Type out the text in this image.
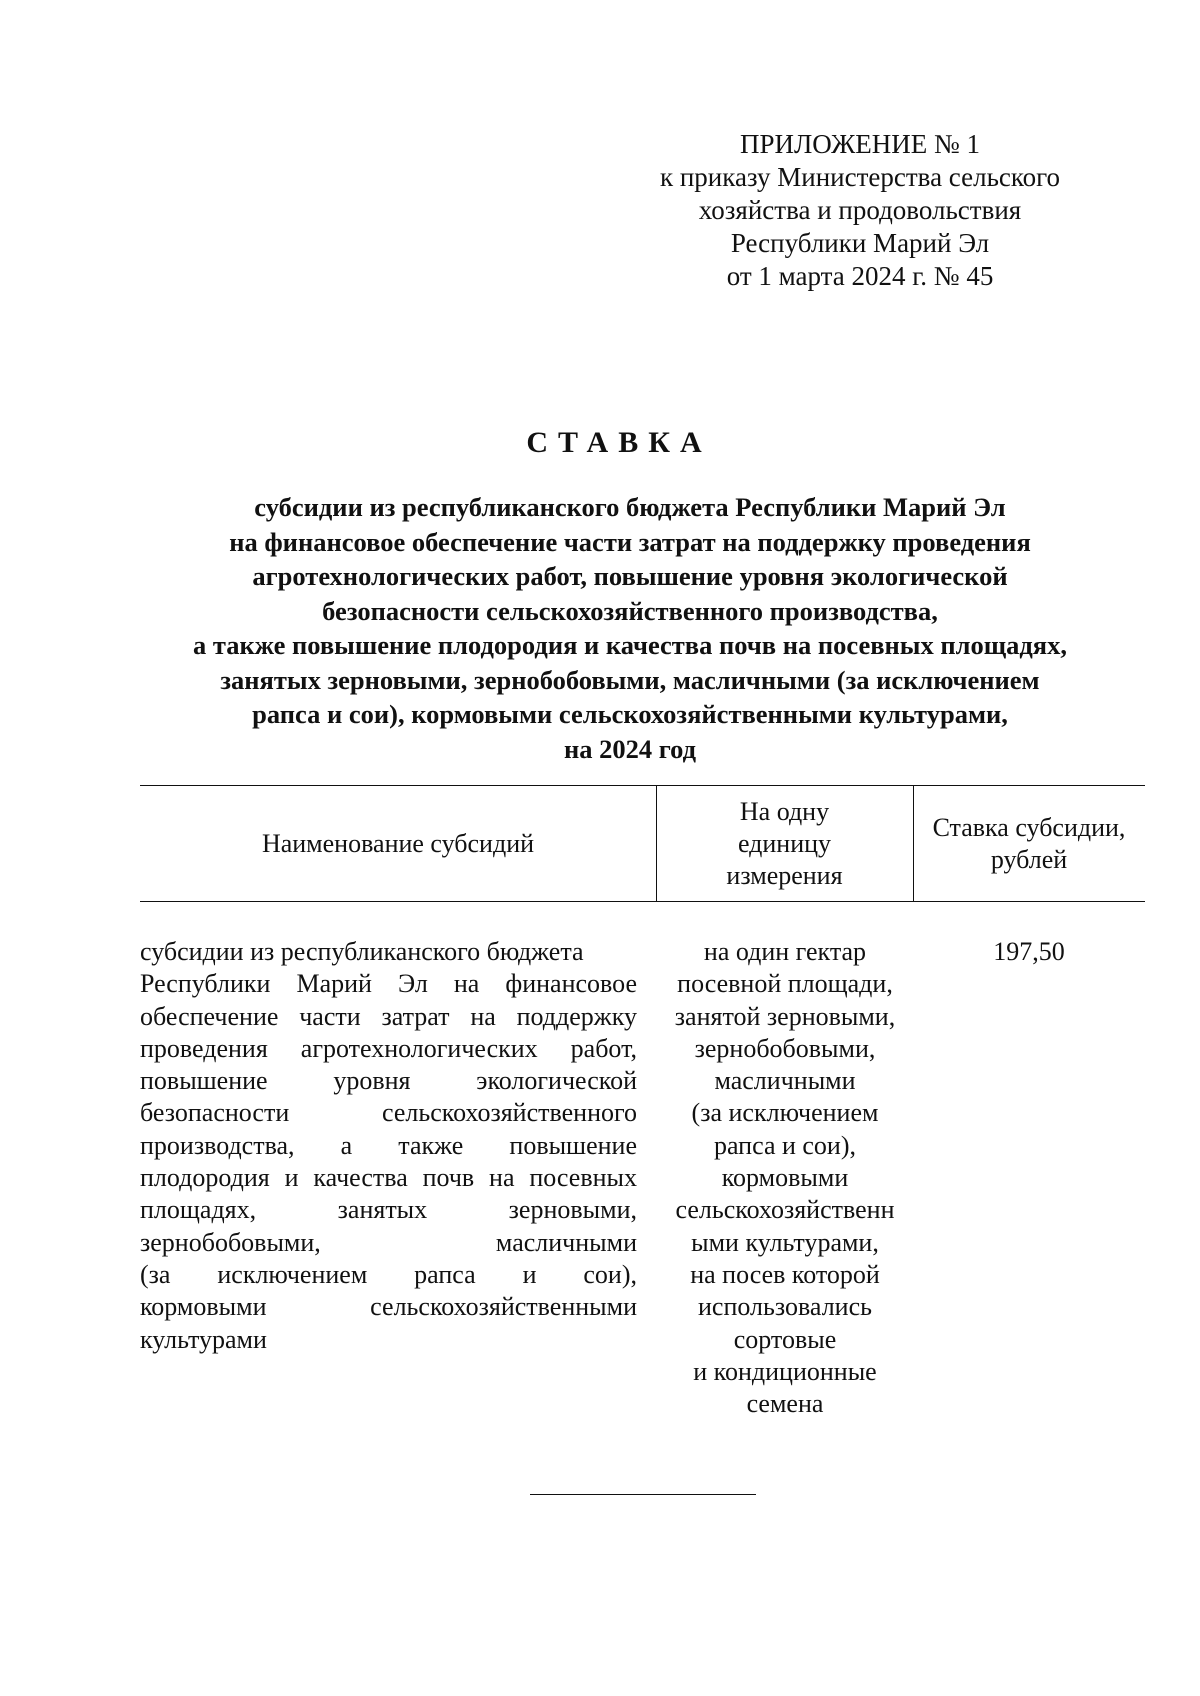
ПРИЛОЖЕНИЕ № 1
к приказу Министерства сельского
хозяйства и продовольствия
Республики Марий Эл
от 1 марта 2024 г. № 45
СТАВКА
субсидии из республиканского бюджета Республики Марий Эл
на финансовое обеспечение части затрат на поддержку проведения
агротехнологических работ, повышение уровня экологической
безопасности сельскохозяйственного производства,
а также повышение плодородия и качества почв на посевных площадях,
занятых зерновыми, зернобобовыми, масличными (за исключением
рапса и сои), кормовыми сельскохозяйственными культурами,
на 2024 год
Наименование субсидий
На одну
единицу
измерения
Ставка субсидии,
рублей
субсидии из республиканского бюджета
Республики Марий Эл на финансовое
обеспечение части затрат на поддержку
проведения агротехнологических работ,
повышение уровня экологической
безопасности сельскохозяйственного
производства, а также повышение
плодородия и качества почв на посевных
площадях, занятых зерновыми,
зернобобовыми, масличными
(за исключением рапса и сои),
кормовыми сельскохозяйственными
культурами
на один гектар
посевной площади,
занятой зерновыми,
зернобобовыми,
масличными
(за исключением
рапса и сои),
кормовыми
сельскохозяйственн
ыми культурами,
на посев которой
использовались
сортовые
и кондиционные
семена
197,50
